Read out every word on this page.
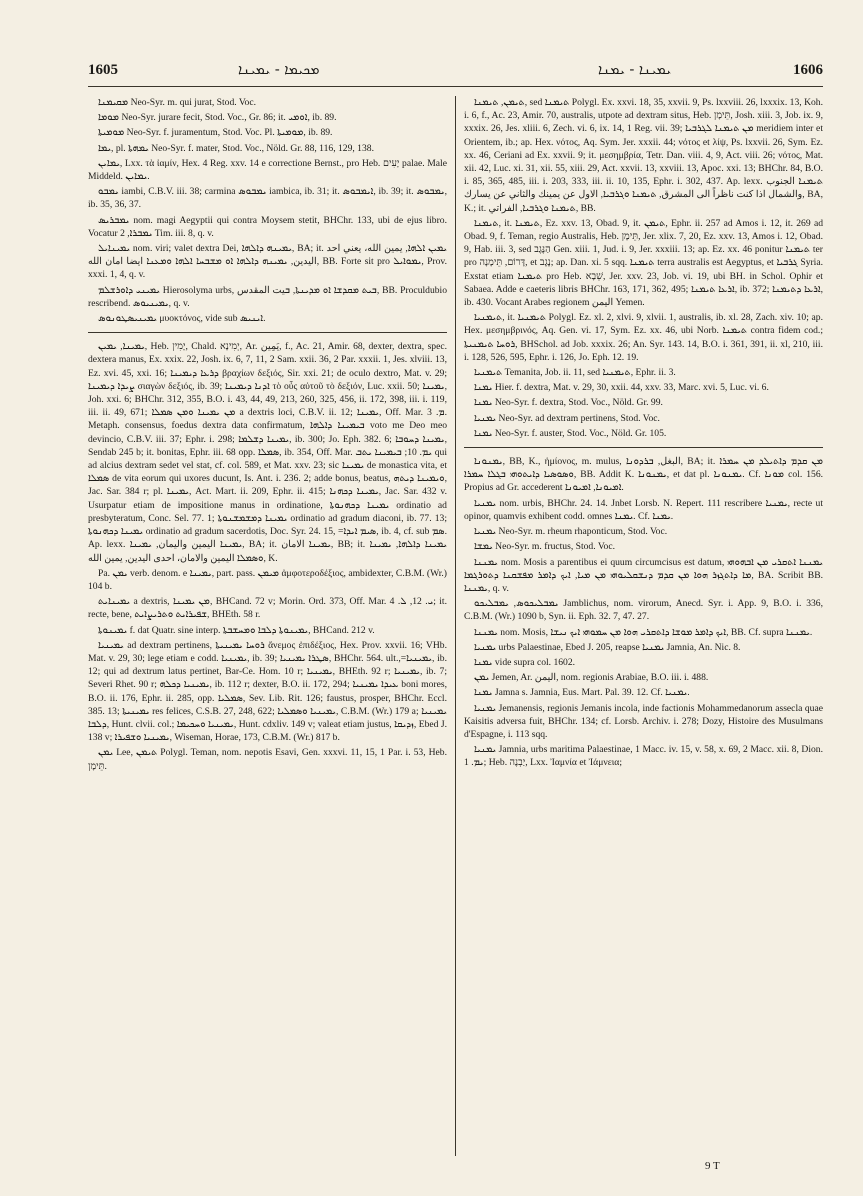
1605	ܡܟܝܡܐ - ܝܡܝܢܐ	ܝܡܝܢܐ - ܝܡܢܐ	1606

ܡܩܝܡܢܐ Neo-Syr. m. qui jurat, Stod. Voc.

ܡܘܡܐ Neo-Syr. jurare fecit, Stod. Voc., Gr. 86; it. ܐܘܡܝ, ib. 89.

ܡܘܡܝܬܐ Neo-Syr. f. juramentum, Stod. Voc. Pl. ܡܘܡܝܬܐ, ib. 89.

ܝܡܐ, pl. ܝܡܗܬܐ Neo-Syr. f. mater, Stod. Voc., Nöld. Gr. 88, 116, 129, 138.

ܝܡܐܝܢ, Lxx. τὰ ἰαμίν, Hex. 4 Reg. xxv. 14 e correctione Bernst., pro Heb. יָעִים palae. Male Middeld. ܝܡܐܝܢ.

ܝܡܒܘ iambi, C.B.V. iii. 38; carmina ܝܡܒܘܣ iambica, ib. 31; it. ܐܝܡܒܘܣ, ib. 39; it. ܝܡܒܘܣ, ib. 35, 36, 37.

ܝܡܒܪܝܣ nom. magi Aegyptii qui contra Moysem stetit, BHChr. 133, ubi de ejus libro. Vocatur ܝܡܒܪܐ, 2 Tim. iii. 8, q. v.

ܝܡܝܢܐܝܠ nom. viri; valet dextra Dei, ܝܡܝܢܗ ܕܐܠܗܐ, BA; it. ܝܡܝܢ ܐܠܗܐ, يمين الله، يعني احد اليدين, ܝܡܝܢܗ ܕܐܠܗܐ ܐܘ ܡܫܒܚܐ ܐܠܗܐ ܘܡܥܢܐ ايضا امان الله, BB. Forte sit pro ܝܡܘܐܝܠ, Prov. xxxi. 1, 4, q. v.

ܝܡܝܢܝ ܕܐܘܪܫܠܡ Hierosolyma urbs, ܒܝܬ ܡܩܕܫܐ ܐܘ ܡܕܝܢܬܐ, ܒيت المقدس, BB. Proculdubio rescribend. ܝܡܝܢܝܘܣ, q. v.

ܝܡܝܢܝܣܛܘܢܘܣ μυοκτόνος, vide sub ܐܝܢܝܣ.

ܝܡܝܢܐ, ܝܡܝܢ, Heb. יָמִין, Chald. יְמִינָא, Ar. يَمِين, f., Ac. 21, Amir. 68, dexter, dextra, spec. dextera manus, Ex. xxix. 22, Josh. ix. 6, 7, 11, 2 Sam. xxii. 36, 2 Par. xxxii. 1, Jes. xlviii. 13, Ez. xvi. 45, xxi. 16; ܕܪܥܐ ܕܝܡܝܢܐ βραχίων δεξιός, Sir. xxi. 21; de oculo dextro, Mat. v. 29; ܨܝܕܐ ܕܝܡܝܢܐ σιαγὼν δεξιός, ib. 39; ܐܕܢܐ ܕܝܡܝܢܐ τὸ οὖς αὐτοῦ τὸ δεξιόν, Luc. xxii. 50; ܝܡܝܢܐ, Joh. xxi. 6; BHChr. 312, 355, B.O. i. 43, 44, 49, 213, 260, 325, 456, ii. 172, 398, iii. i. 119, iii. ii. 49, 671; ܡܢ ܝܡܝܢܐ ܘܡܢ ܣܡܠܐ a dextris loci, C.B.V. ii. 12; ܝܡܝܢܐ, Off. Mar. ܡ. 3. Metaph. consensus, foedus dextra data confirmatum, ܒܝܡܝܢܐ ܕܐܠܗܐ voto me Deo meo devincio, C.B.V. iii. 37; Ephr. i. 298; ܝܡܝܢܐ ܕܫܠܡܐ, ib. 300; Jo. Eph. 382. 6; ܝܡܝܢܐ ܕܚܘܒܐ, Sendab 245 b; it. bonitas, Ephr. iii. 68 opp. ܣܡܠܐ, ib. 354, Off. Mar. ܝܡ. 10; ܒܝܡܝܢܐ ܝܬܒ qui ad alcius dextram sedet vel stat, cf. col. 589, et Mat. xxv. 23; sic ܝܡܝܢܐ de monastica vita, et ܣܡܠܐ de vita eorum qui uxores ducunt, Is. Ant. i. 236. 2; adde bonus, beatus, ܘܝܡܝܢܐ ܕܝܬܗ, Jac. Sar. 384 r; pl. ܝܡܝܢܐ, Act. Mart. ii. 209, Ephr. ii. 415; ܝܡܝܢܐ ܕܟܗܢܐ, Jac. Sar. 432 v. Usurpatur etiam de impositione manus in ordinatione, ܝܡܝܢܐ ܕܟܗܢܘܬܐ ordinatio ad presbyteratum, Conc. Sel. 77. 1; ܝܡܝܢܐ ܕܡܫܡܫܢܘܬܐ ordinatio ad gradum diaconi, ib. 77. 13; ܝܡܝܢܐ ܕܟܗܢܘܬܐ ordinatio ad gradum sacerdotis, Doc. Syr. 24. 15, =ܣܝܡ ܐܝܕܐ, ib. 4, cf. sub ܣܡ. Ap. lexx. ܝܡܝܢܐ اليمين واليمان, ܝܡܝܢܐ, BA; it. ܝܡܝܢܐ الامان, BB; it. ܝܡܝܢܐ ܕܐܠܗܐ, ܝܡܝܢܐ ܘܣܡܠܐ اليمين والامان، احدى اليدين, يمين الله, K.

Pa. ܝܡܢ verb. denom. e ܝܡܝܢܐ, part. pass. ܡܝܡܢ ἀμφοτεροδέξιος, ambidexter, C.B.M. (Wr.) 104 b.

ܝܡܝܢܐܝܬ a dextris, ܡܢ ܝܡܝܢܐ, BHCand. 72 v; Morin. Ord. 373, Off. Mar. ܝ. 12, ܠ. 4; it. recte, bene, ܫܦܝܪܐܝܬ ܘܬܪܝܨܐܝܬ, BHEth. 58 r.

ܝܡܝܢܘܬܐ f. dat Quatr. sine interp. ܝܡܝܢܘܬܐ ܕܠܒܐ ܘܡܚܫܒܬܐ, BHCand. 212 v.

ܝܡܝܢܝܐ ad dextram pertinens, ܪܘܚܐ ܝܡܝܢܝܬܐ ἄνεμος ἐπιδέξιος, Hex. Prov. xxvii. 16; VHb. Mat. v. 29, 30; lege etiam e codd. ܝܡܝܢܝܐ, ib. 39; ܣܛܪܐ ܝܡܝܢܝܐ, BHChr. 564. ult.,=ܝܡܝܢܝܐ, ib. 12; qui ad dextrum latus pertinet, Bar-Ce. Hom. 10 r; ܝܡܝܢܝܐ, BHEth. 92 r; ܝܡܝܢܝܐ, ib. 7; Severi Rhet. 90 r; ܝܡܝܢܝܐ ܕܟܠܗ, ib. 112 r; dexter, B.O. ii. 172, 294; ܥܝܕܐ ܝܡܝܢܝܐ boni mores, B.O. ii. 176, Ephr. ii. 285, opp. ܣܡܠܝܐ, Sev. Lib. Rit. 126; faustus, prosper, BHChr. Eccl. 385. 13; ܝܡܝܢܝܬܐ res felices, C.S.B. 27, 248, 622; ܝܡܝܢܝܐ ܘܣܡܠܝܐ, C.B.M. (Wr.) 179 a; ܝܡܝܢܝܐ ܕܠܒܐ, Hunt. clvii. col.; ܝܡܝܢܝܐ ܘܚܟܝܡܐ, Hunt. cdxliv. 149 v; valeat etiam justus, ܙܕܝܩܐ, Ebed J. 138 v; ܝܡܝܢܝܐ ܘܫܦܝܪܐ, Wiseman, Horae, 173, C.B.M. (Wr.) 817 b.

ܝܡܢ Lee, ܬܝܡܢ Polygl. Teman, nom. nepotis Esavi, Gen. xxxvi. 11, 15, 1 Par. i. 53, Heb. תֵּימָן.

ܬܝܡܢ, ܬܝܡܢܐ, sed ܬܝܡܢܐ Polygl. Ex. xxvi. 18, 35, xxvii. 9, Ps. lxxviii. 26, lxxxix. 13, Koh. i. 6, f., Ac. 23, Amir. 70, australis, utpote ad dextram situs, Heb. תֵּימָן, Josh. xiii. 3, Job. ix. 9, xxxix. 26, Jes. xliii. 6, Zech. vi. 6, ix. 14, 1 Reg. vii. 39; ܡܢ ܬܝܡܢܐ ܠܓܪܒܝܐ meridiem inter et Orientem, ib.; ap. Hex. νότος, Aq. Sym. Jer. xxxii. 44; νότος et λίψ, Ps. lxxvii. 26, Sym. Ez. xx. 46, Ceriani ad Ex. xxvii. 9; it. μεσημβρία, Tetr. Dan. viii. 4, 9, Act. viii. 26; νότος, Mat. xii. 42, Luc. xi. 31, xii. 55, xiii. 29, Act. xxvii. 13, xxviii. 13, Apoc. xxi. 13; BHChr. 84, B.O. i. 85, 365, 485, iii. i. 203, 333, iii. ii. 10, 135, Ephr. i. 302, 437. Ap. lexx. ܬܝܡܢܐ الجنوب والشمال اذا كنت ناظراً الى المشرق, ܬܝܡܢܐ ܘܓܪܒܝܐ, الاول عن يمينك والثاني عن يسارك, BA, K.; it. ܬܝܡܢܐ ܘܓܪܒܝܐ, الفراتي, BB.

ܬܝܡܢܐ, it. ܬܝܡܢܐ, Ez. xxv. 13, Obad. 9, it. ܬܝܡܢ, Ephr. ii. 257 ad Amos i. 12, it. 269 ad Obad. 9, f. Teman, regio Australis, Heb. תֵּימָן, Jer. xlix. 7, 20, Ez. xxv. 13, Amos i. 12, Obad. 9, Hab. iii. 3, sed הַנֶּגֶב Gen. xiii. 1, Jud. i. 9, Jer. xxxiii. 13; ap. Ez. xx. 46 ponitur ܬܝܡܢܐ ter pro דָּרוֹם, תֵּימָנָה, et נֶגֶב; ap. Dan. xi. 5 sqq. ܬܝܡܢܐ terra australis est Aegyptus, et ܓܪܒܝܐ Syria. Exstat etiam ܬܝܡܢܐ pro Heb. שְׁבָא, Jer. xxv. 23, Job. vi. 19, ubi BH. in Schol. Ophir et Sabaea. Adde e caeteris libris BHChr. 163, 171, 362, 495; ܐܪܥܐ ܬܝܡܢܐ, ib. 372; ܐܪܥܐ ܕܬܝܡܢܐ, ib. 430. Vocant Arabes regionem اليمن Yemen.

ܬܝܡܢܝܐ, it. ܬܝܡܢܝܐ Polygl. Ez. xl. 2, xlvi. 9, xlvii. 1, australis, ib. xl. 28, Zach. xiv. 10; ap. Hex. μεσημβρινός, Aq. Gen. vi. 17, Sym. Ez. xx. 46, ubi Norb. ܬܝܡܢܐ contra fidem cod.; ܪܘܚܐ ܬܝܡܢܝܬܐ, BHSchol. ad Job. xxxix. 26; An. Syr. 143. 14, B.O. i. 361, 391, ii. xl, 210, iii. i. 128, 526, 595, Ephr. i. 126, Jo. Eph. 12. 19.

ܬܝܡܢܝܐ Temanita, Job. ii. 11, sed ܬܝܡܢܝܐ, Ephr. ii. 3.

ܝܡܢܐ Hier. f. dextra, Mat. v. 29, 30, xxii. 44, xxv. 33, Marc. xvi. 5, Luc. vi. 6.

ܝܡܢܐ Neo-Syr. f. dextra, Stod. Voc., Nöld. Gr. 99.

ܝܡܢܝܐ Neo-Syr. ad dextram pertinens, Stod. Voc.

ܝܡܢܐ Neo-Syr. f. auster, Stod. Voc., Nöld. Gr. 105.

ܝܡܢܘܢܐ, BB, K., ἡμίονος, m. mulus, البغل, ܒܪܕܘܢܐ, BA; it. ܡܢ ܩܕܡ ܕܐܬܝܠܕ ܡܢ ܚܡܪܐ ܘܣܘܣܝܐ ܕܐܝܬܘܗܝ ܒܓܠܐ ܚܡܪܐ, BB. Addit K. ܝܡܢܘܢܐ, et dat pl. ܝܡܢܘܢܐ. Cf. ܡܘܢܐ col. 156. Propius ad Gr. accederent ܐܡܝܘܢܐ, ܐܡܝܘܢܐ.

ܝܡܢܝܐ nom. urbis, BHChr. 24. 14. Jnbet Lorsb. N. Repert. 111 rescribere ܝܡܢܝܐ, recte ut opinor, quamvis exhibent codd. omnes ܝܡܢܐ. Cf. ܝܡܢܐ.

ܝܡܢܝܐ Neo-Syr. m. rheum rhaponticum, Stod. Voc.

ܝܡܫܐ Neo-Syr. m. fructus, Stod. Voc.

ܝܡܢܢܐ nom. Mosis a parentibus ei quum circumcisus est datum, ܝܡܢܢܐ ܐܬܩܪܝ ܡܢ ܐܒܗܘܗܝ ܡܐ ܕܐܬܓܙܪ ܗܘܐ ܡܢ ܩܕܡ ܕܢܫܩܠܝܘܗܝ ܡܢ ܡܝܐ, ܐܝܟ ܕܐܡܪ ܡܦܫܩܢܐ ܕܬܘܪܓܡܐ, BA. Scribit BB. ܝܡܢܢܐ, q. v.

ܝܡܒܠܝܟܘܣ, ܝܡܒܠܝܟܘ Jamblichus, nom. virorum, Anecd. Syr. i. App. 9, B.O. i. 336, C.B.M. (Wr.) 1090 b, Syn. ii. Eph. 32. 7, 47. 27.

ܝܡܢܢܐ nom. Mosis, ܐܝܟ ܕܐܡܪ ܡܘܫܐ ܕܐܬܩܪܝ ܗܘܐ ܡܢ ܚܡܘܗܝ ܐܝܟ ܢܝܫܐ, BB. Cf. supra ܝܡܢܢܐ.

ܝܡܢܝܐ urbs Palaestinae, Ebed J. 205, reapse ܝܡܢܝܐ Jamnia, An. Nic. 8.

ܝܡܢܐ vide supra col. 1602.

ܝܡܢ Jemen, Ar. اليمن, nom. regionis Arabiae, B.O. iii. i. 488.

ܝܡܢܐ Jamna s. Jamnia, Eus. Mart. Pal. 39. 12. Cf. ܝܡܢܝܐ.

ܝܡܢܝܐ Jemanensis, regionis Jemanis incola, inde factionis Mohammedanorum assecla quae Kaisitis adversa fuit, BHChr. 134; cf. Lorsb. Archiv. i. 278; Dozy, Histoire des Musulmans d'Espagne, i. 113 sqq.

ܝܡܢܝܐ Jamnia, urbs maritima Palaestinae, 1 Macc. iv. 15, v. 58, x. 69, 2 Macc. xii. 8, Dion. ܝܡ. 1; Heb. יַבְנֶה, Lxx. Ἰαμνία et Ἰάμνεια;

9 T
